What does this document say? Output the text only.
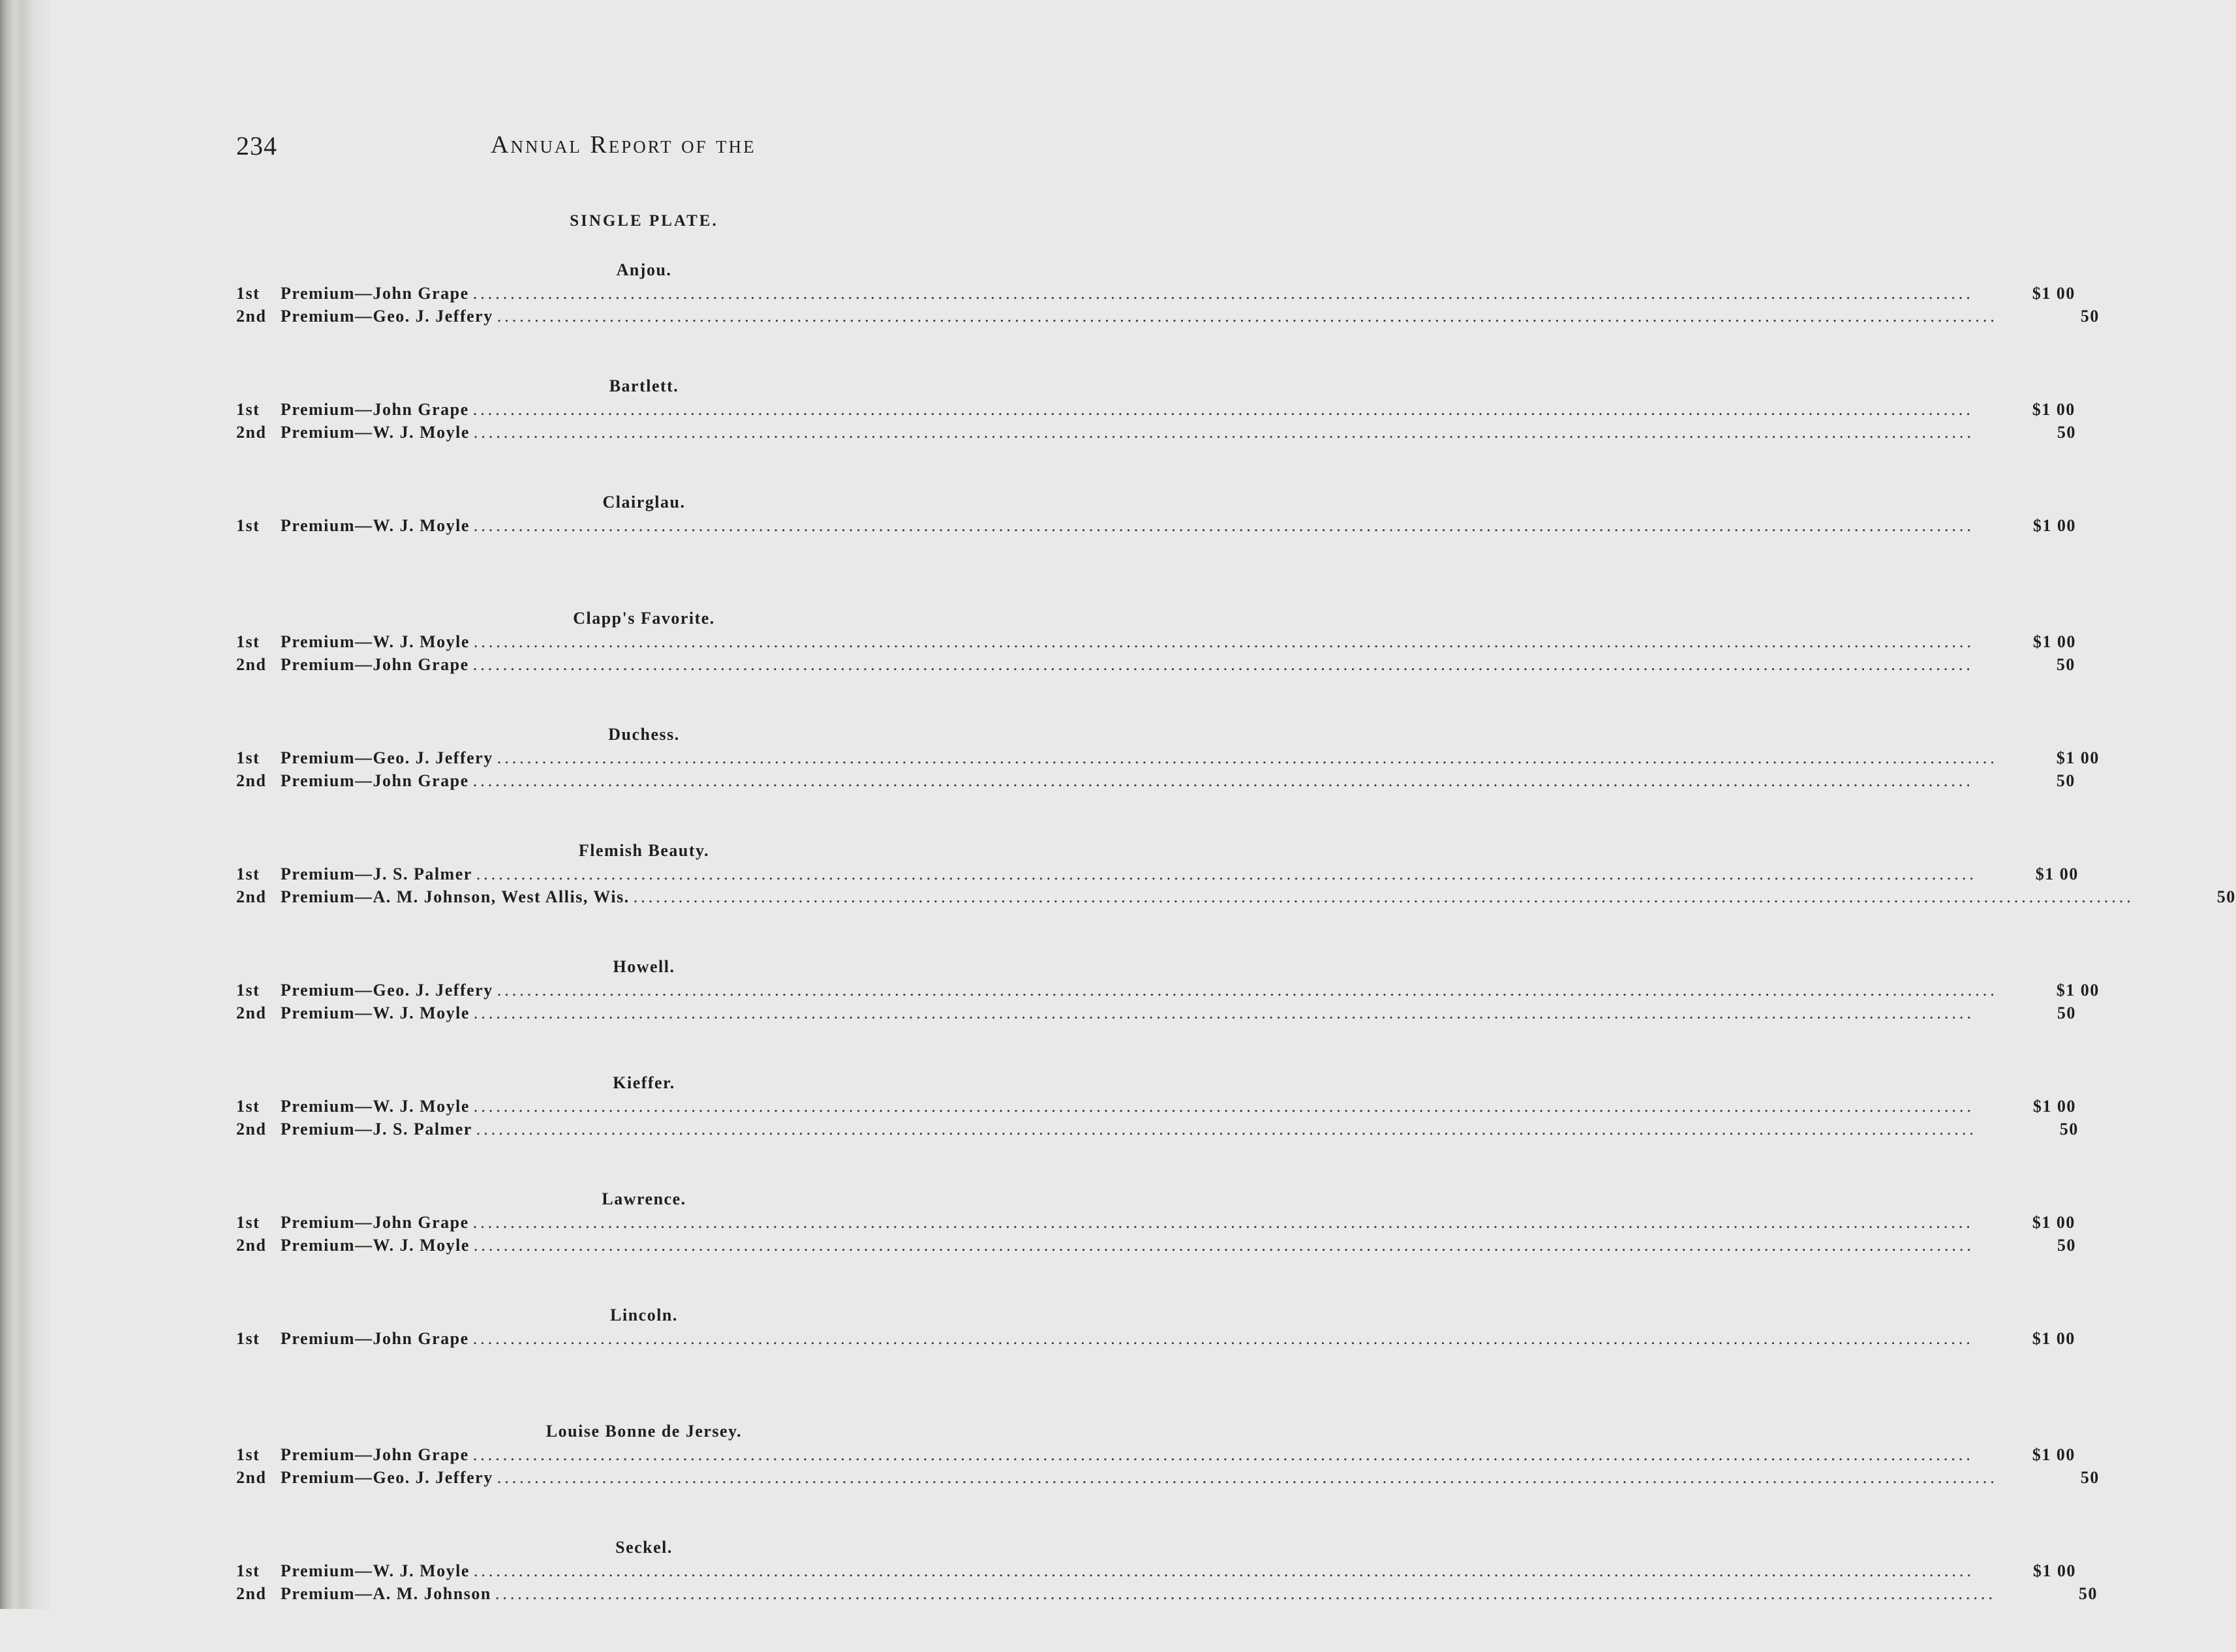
234	Annual Report of the
SINGLE PLATE.
Anjou.
1st	Premium—John Grape ........................................................................................................................................................................................................	$1 00
2nd Premium—Geo. J. Jeffery ........................................................................................................................................................................................................	50
Bartlett.
1st	Premium—John Grape ........................................................................................................................................................................................................	$1 00
2nd Premium—W. J. Moyle ........................................................................................................................................................................................................	50
Clairglau.
1st	Premium—W. J. Moyle ........................................................................................................................................................................................................	$1 00
Clapp's Favorite.
1st	Premium—W. J. Moyle ........................................................................................................................................................................................................	$1 00
2nd Premium—John Grape ........................................................................................................................................................................................................	50
Duchess.
1st	Premium—Geo. J. Jeffery ........................................................................................................................................................................................................	$1 00
2nd Premium—John Grape ........................................................................................................................................................................................................	50
Flemish Beauty.
1st	Premium—J. S. Palmer ........................................................................................................................................................................................................	$1 00
2nd Premium—A. M. Johnson, West Allis, Wis. ........................................................................................................................................................................................................	50
Howell.
1st	Premium—Geo. J. Jeffery ........................................................................................................................................................................................................	$1 00
2nd Premium—W. J. Moyle ........................................................................................................................................................................................................	50
Kieffer.
1st	Premium—W. J. Moyle ........................................................................................................................................................................................................	$1 00
2nd Premium—J. S. Palmer ........................................................................................................................................................................................................	50
Lawrence.
1st	Premium—John Grape ........................................................................................................................................................................................................	$1 00
2nd Premium—W. J. Moyle ........................................................................................................................................................................................................	50
Lincoln.
1st	Premium—John Grape ........................................................................................................................................................................................................	$1 00
Louise Bonne de Jersey.
1st	Premium—John Grape ........................................................................................................................................................................................................	$1 00
2nd Premium—Geo. J. Jeffery ........................................................................................................................................................................................................	50
Seckel.
1st	Premium—W. J. Moyle ........................................................................................................................................................................................................	$1 00
2nd Premium—A. M. Johnson ........................................................................................................................................................................................................	50
